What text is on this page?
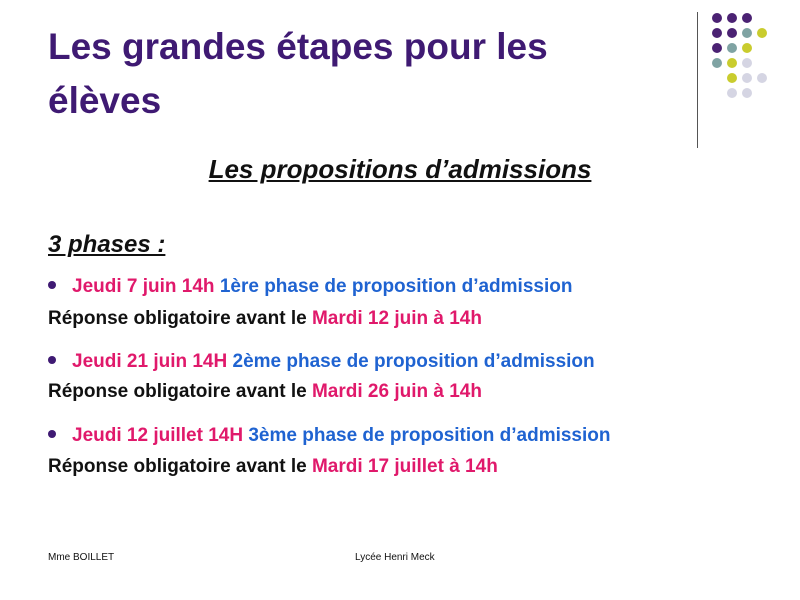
Les grandes étapes pour les élèves
Les propositions d’admissions
3 phases :
Jeudi 7 juin 14h 1ère phase de proposition d’admission
Réponse obligatoire avant le Mardi 12 juin à 14h
Jeudi 21 juin 14H 2ème phase de proposition d’admission
Réponse obligatoire avant le Mardi 26 juin à 14h
Jeudi 12 juillet 14H 3ème phase de proposition d’admission
Réponse obligatoire avant le Mardi 17 juillet à 14h
Mme BOILLET	Lycée Henri Meck
